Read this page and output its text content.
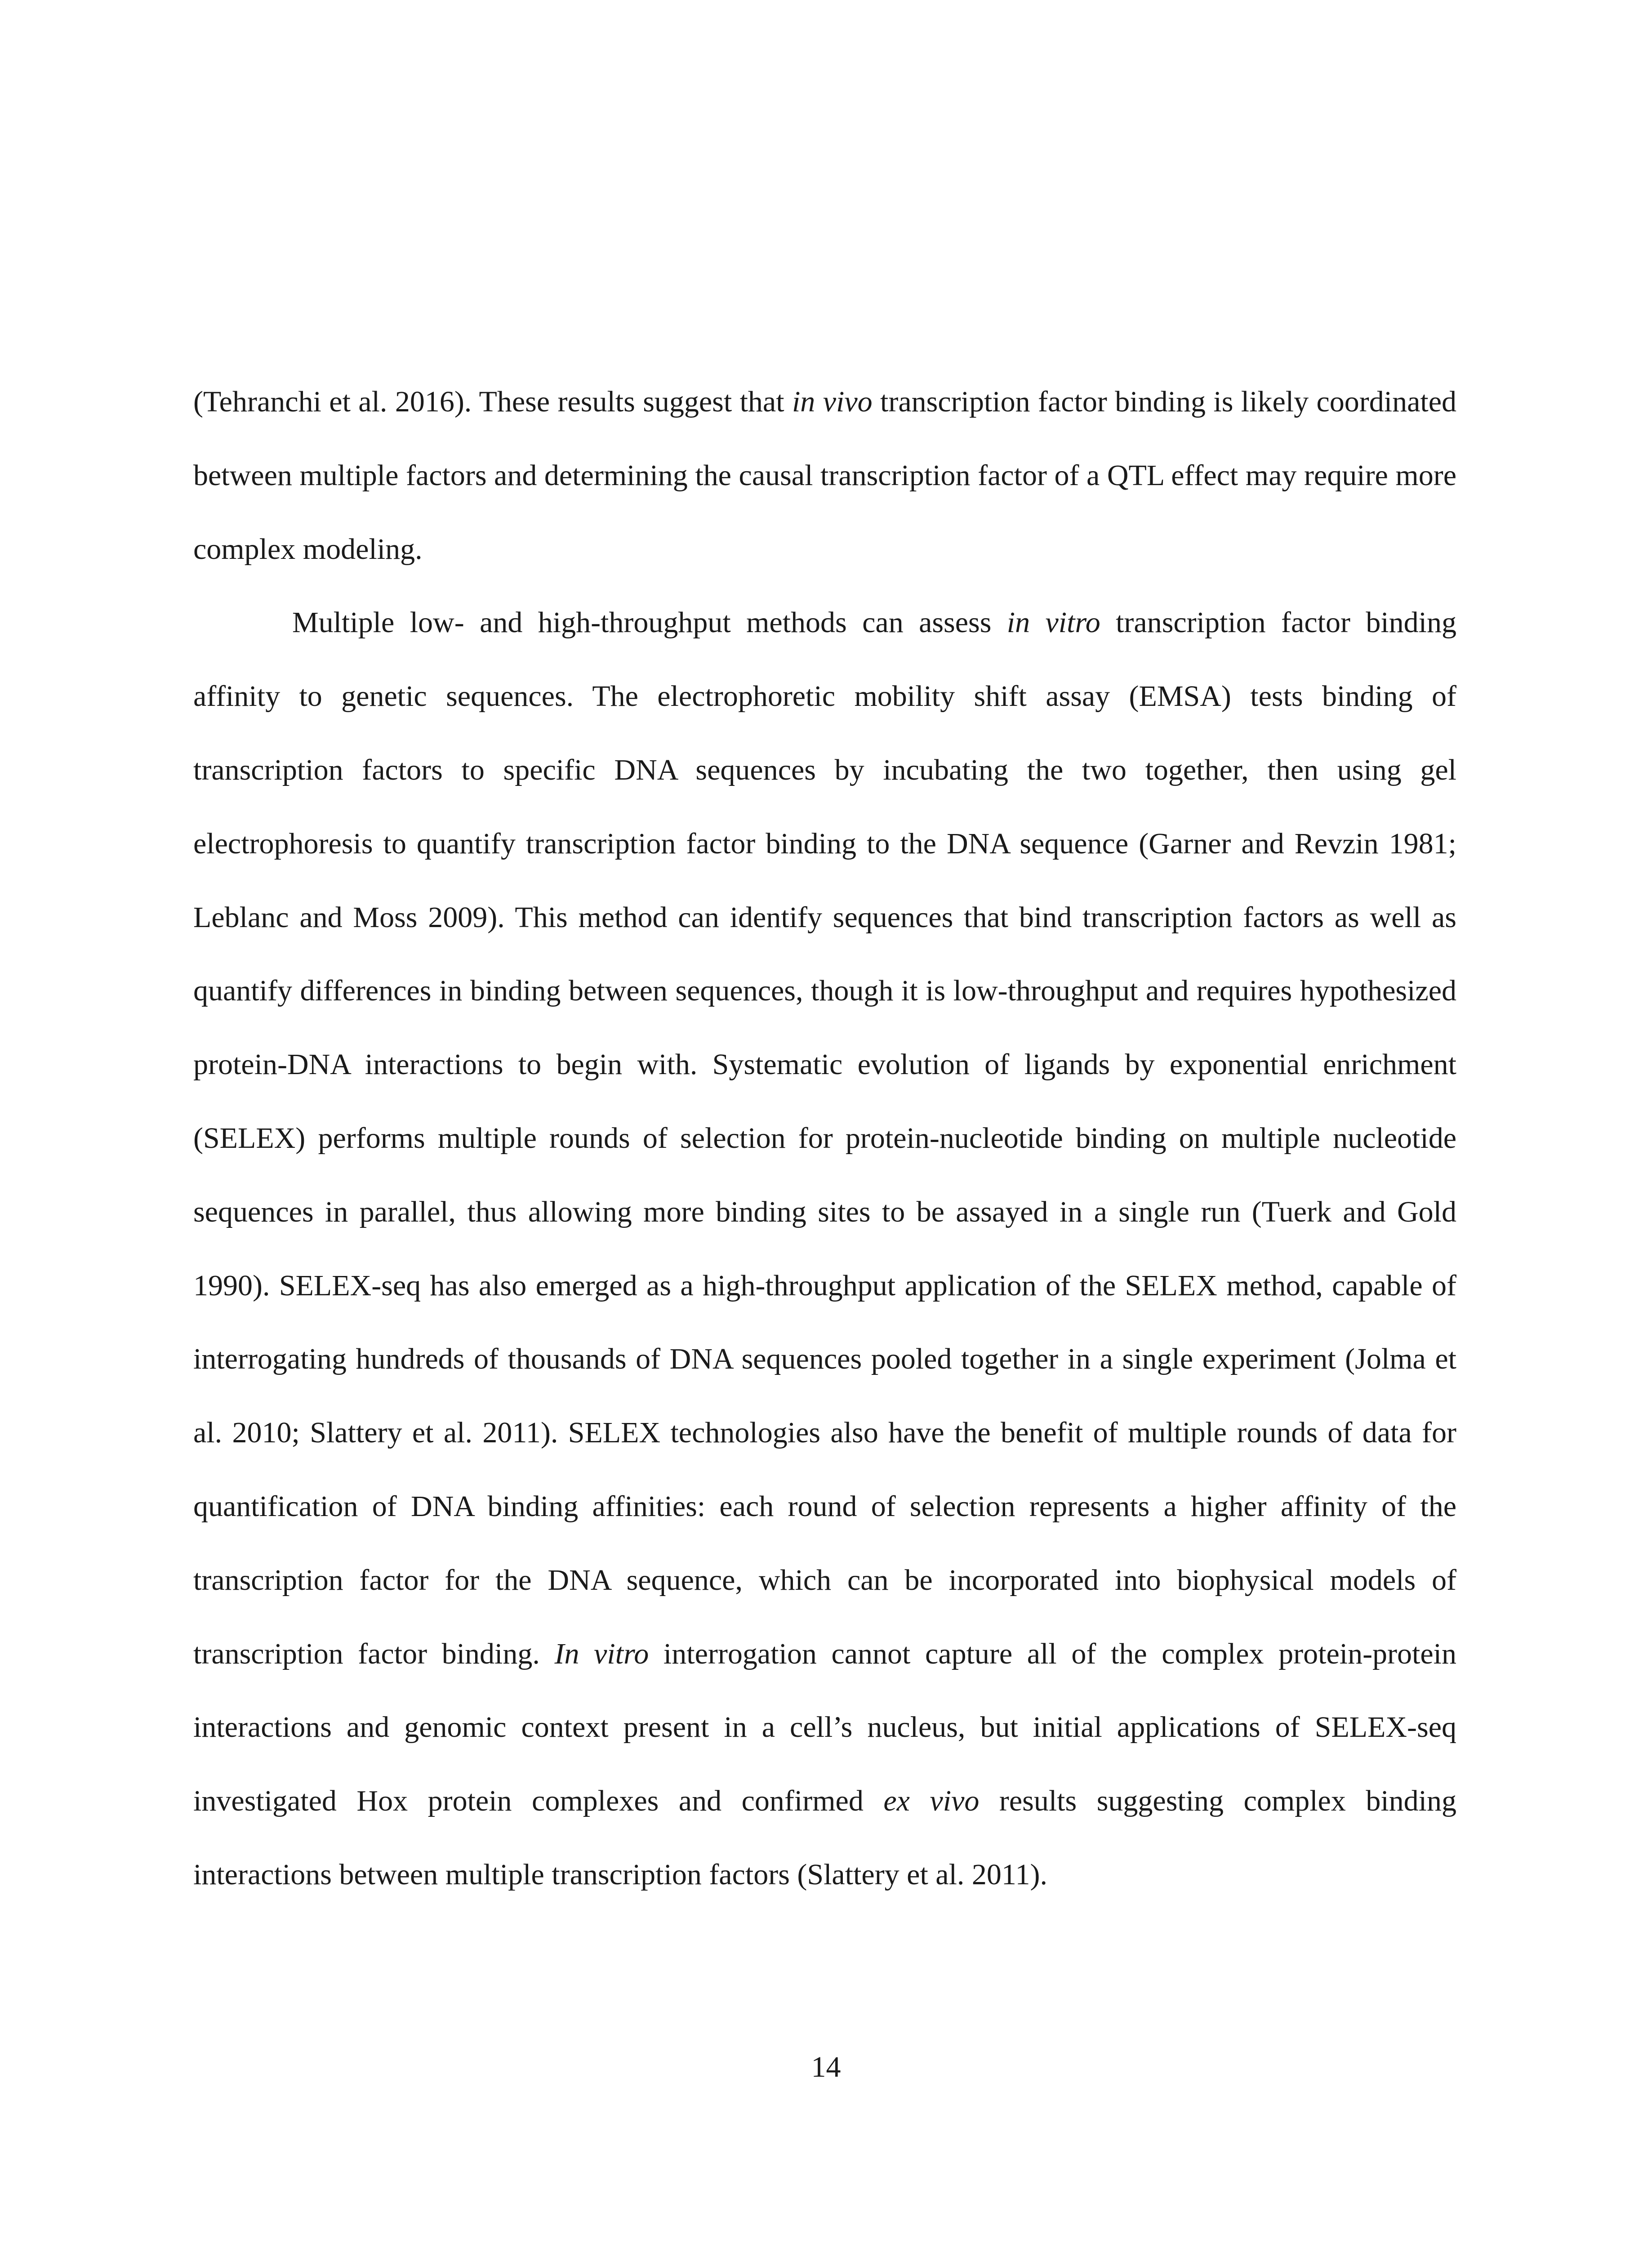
(Tehranchi et al. 2016). These results suggest that in vivo transcription factor binding is likely coordinated between multiple factors and determining the causal transcription factor of a QTL effect may require more complex modeling.

Multiple low- and high-throughput methods can assess in vitro transcription factor binding affinity to genetic sequences. The electrophoretic mobility shift assay (EMSA) tests binding of transcription factors to specific DNA sequences by incubating the two together, then using gel electrophoresis to quantify transcription factor binding to the DNA sequence (Garner and Revzin 1981; Leblanc and Moss 2009). This method can identify sequences that bind transcription factors as well as quantify differences in binding between sequences, though it is low-throughput and requires hypothesized protein-DNA interactions to begin with. Systematic evolution of ligands by exponential enrichment (SELEX) performs multiple rounds of selection for protein-nucleotide binding on multiple nucleotide sequences in parallel, thus allowing more binding sites to be assayed in a single run (Tuerk and Gold 1990). SELEX-seq has also emerged as a high-throughput application of the SELEX method, capable of interrogating hundreds of thousands of DNA sequences pooled together in a single experiment (Jolma et al. 2010; Slattery et al. 2011). SELEX technologies also have the benefit of multiple rounds of data for quantification of DNA binding affinities: each round of selection represents a higher affinity of the transcription factor for the DNA sequence, which can be incorporated into biophysical models of transcription factor binding. In vitro interrogation cannot capture all of the complex protein-protein interactions and genomic context present in a cell’s nucleus, but initial applications of SELEX-seq investigated Hox protein complexes and confirmed ex vivo results suggesting complex binding interactions between multiple transcription factors (Slattery et al. 2011).

14
